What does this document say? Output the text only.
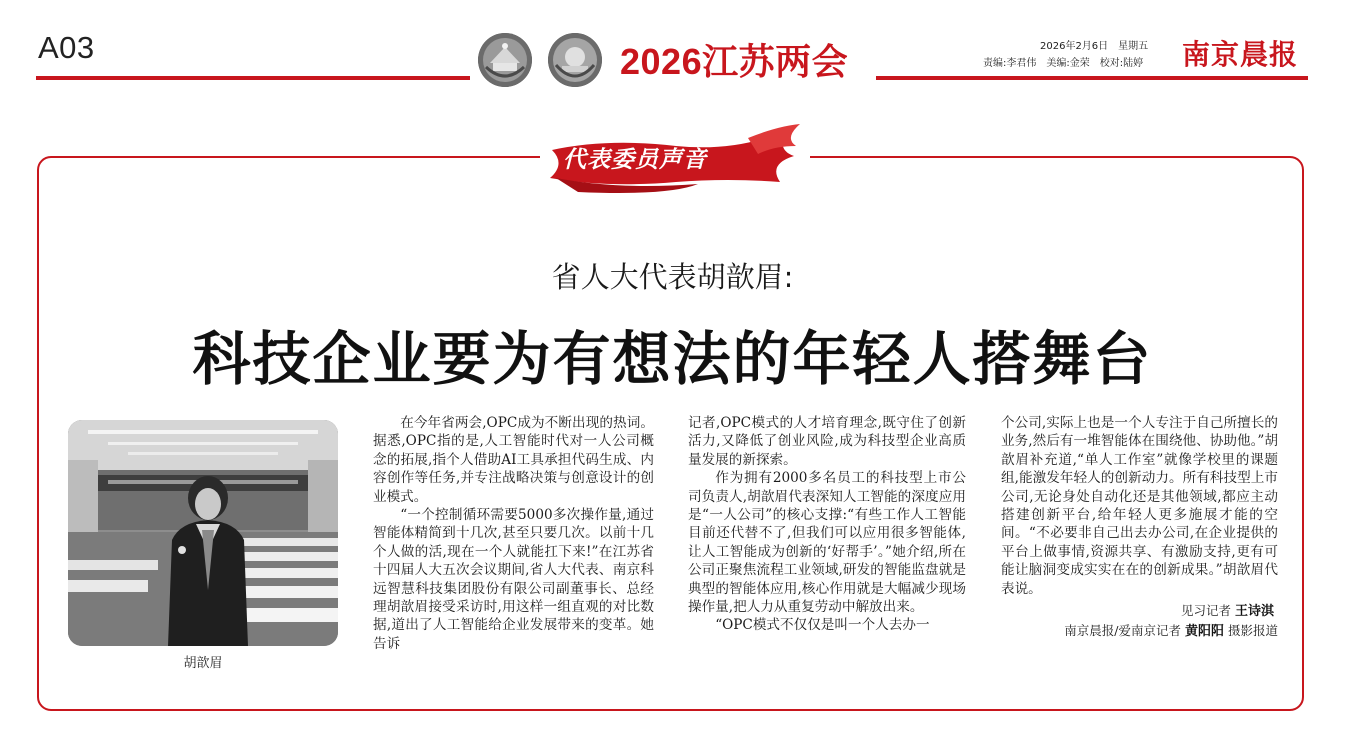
A03	2026江苏两会	2026年2月6日　星期五
责编:李君伟　美编:金荣　校对:陆婷 南京晨报
代表委员声音
省人大代表胡歆眉:
科技企业要为有想法的年轻人搭舞台
胡歆眉

在今年省两会,OPC成为不断出现的热词。据悉,OPC指的是,人工智能时代对一人公司概念的拓展,指个人借助AI工具承担代码生成、内容创作等任务,并专注战略决策与创意设计的创业模式。

“一个控制循环需要5000多次操作量,通过智能体精简到十几次,甚至只要几次。以前十几个人做的活,现在一个人就能扛下来!”在江苏省十四届人大五次会议期间,省人大代表、南京科远智慧科技集团股份有限公司副董事长、总经理胡歆眉接受采访时,用这样一组直观的对比数据,道出了人工智能给企业发展带来的变革。她告诉

记者,OPC模式的人才培育理念,既守住了创新活力,又降低了创业风险,成为科技型企业高质量发展的新探索。

作为拥有2000多名员工的科技型上市公司负责人,胡歆眉代表深知人工智能的深度应用是“一人公司”的核心支撑:“有些工作人工智能目前还代替不了,但我们可以应用很多智能体,让人工智能成为创新的‘好帮手’。”她介绍,所在公司正聚焦流程工业领域,研发的智能监盘就是典型的智能体应用,核心作用就是大幅减少现场操作量,把人力从重复劳动中解放出来。

“OPC模式不仅仅是叫一个人去办一

个公司,实际上也是一个人专注于自己所擅长的业务,然后有一堆智能体在围绕他、协助他。”胡歆眉补充道,“单人工作室”就像学校里的课题组,能激发年轻人的创新动力。所有科技型上市公司,无论身处自动化还是其他领域,都应主动搭建创新平台,给年轻人更多施展才能的空间。“不必要非自己出去办公司,在企业提供的平台上做事情,资源共享、有激励支持,更有可能让脑洞变成实实在在的创新成果。”胡歆眉代表说。

见习记者 王诗淇
南京晨报/爱南京记者 黄阳阳 摄影报道
